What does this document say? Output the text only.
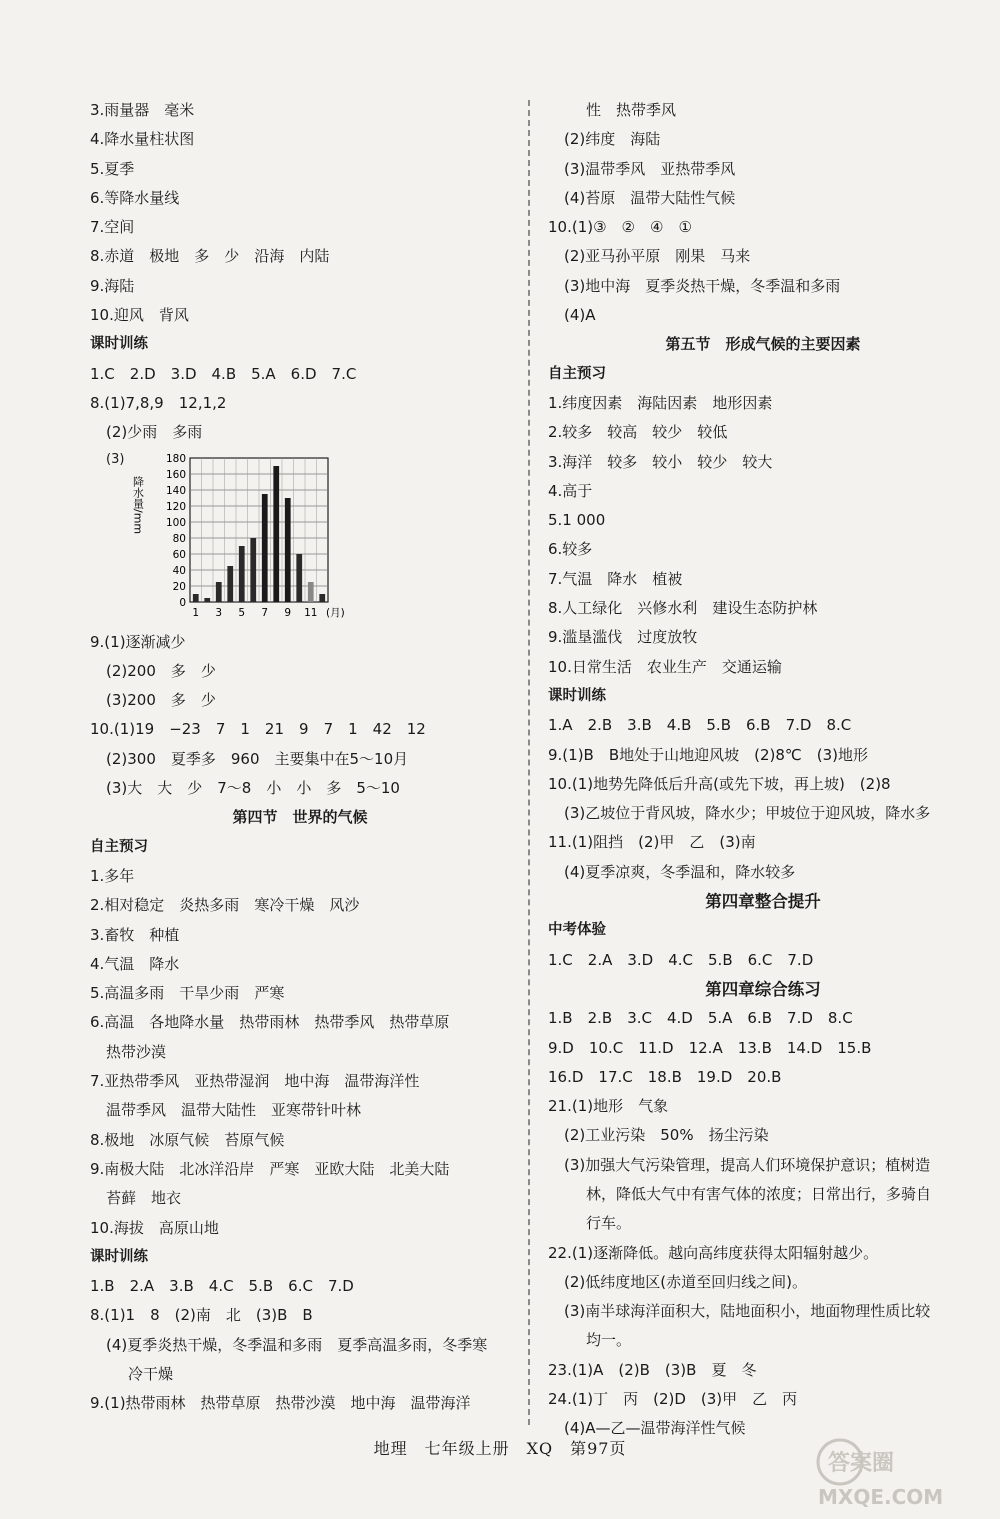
3.雨量器　毫米
4.降水量柱状图
5.夏季
6.等降水量线
7.空间
8.赤道　极地　多　少　沿海　内陆
9.海陆
10.迎风　背风
课时训练
1.C　2.D　3.D　4.B　5.A　6.D　7.C
8.(1)7,8,9　12,1,2
(2)少雨　多雨
(3)
0
20
40
60
80
100
120
140
160
180
1 3 5 7 9 11 (月)
降水量/mm
9.(1)逐渐减少
(2)200　多　少
(3)200　多　少
10.(1)19　−23　7　1　21　9　7　1　42　12
(2)300　夏季多　960　主要集中在5～10月
(3)大　大　少　7～8　小　小　多　5～10
第四节　世界的气候
自主预习
1.多年
2.相对稳定　炎热多雨　寒冷干燥　风沙
3.畜牧　种植
4.气温　降水
5.高温多雨　干旱少雨　严寒
6.高温　各地降水量　热带雨林　热带季风　热带草原
热带沙漠
7.亚热带季风　亚热带湿润　地中海　温带海洋性
温带季风　温带大陆性　亚寒带针叶林
8.极地　冰原气候　苔原气候
9.南极大陆　北冰洋沿岸　严寒　亚欧大陆　北美大陆
苔藓　地衣
10.海拔　高原山地
课时训练
1.B　2.A　3.B　4.C　5.B　6.C　7.D
8.(1)1　8　(2)南　北　(3)B　B
(4)夏季炎热干燥，冬季温和多雨　夏季高温多雨，冬季寒
冷干燥
9.(1)热带雨林　热带草原　热带沙漠　地中海　温带海洋
性　热带季风
(2)纬度　海陆
(3)温带季风　亚热带季风
(4)苔原　温带大陆性气候
10.(1)③　②　④　①
(2)亚马孙平原　刚果　马来
(3)地中海　夏季炎热干燥，冬季温和多雨
(4)A
第五节　形成气候的主要因素
自主预习
1.纬度因素　海陆因素　地形因素
2.较多　较高　较少　较低
3.海洋　较多　较小　较少　较大
4.高于
5.1 000
6.较多
7.气温　降水　植被
8.人工绿化　兴修水利　建设生态防护林
9.滥垦滥伐　过度放牧
10.日常生活　农业生产　交通运输
课时训练
1.A　2.B　3.B　4.B　5.B　6.B　7.D　8.C
9.(1)B　B地处于山地迎风坡　(2)8℃　(3)地形
10.(1)地势先降低后升高(或先下坡，再上坡)　(2)8
(3)乙坡位于背风坡，降水少；甲坡位于迎风坡，降水多
11.(1)阻挡　(2)甲　乙　(3)南
(4)夏季凉爽，冬季温和，降水较多
第四章整合提升
中考体验
1.C　2.A　3.D　4.C　5.B　6.C　7.D
第四章综合练习
1.B　2.B　3.C　4.D　5.A　6.B　7.D　8.C
9.D　10.C　11.D　12.A　13.B　14.D　15.B
16.D　17.C　18.B　19.D　20.B
21.(1)地形　气象
(2)工业污染　50%　扬尘污染
(3)加强大气污染管理，提高人们环境保护意识；植树造
林，降低大气中有害气体的浓度；日常出行，多骑自
行车。
22.(1)逐渐降低。越向高纬度获得太阳辐射越少。
(2)低纬度地区(赤道至回归线之间)。
(3)南半球海洋面积大，陆地面积小，地面物理性质比较
均一。
23.(1)A　(2)B　(3)B　夏　冬
24.(1)丁　丙　(2)D　(3)甲　乙　丙
(4)A—乙—温带海洋性气候
地理　七年级上册　XQ　第97页
答案圈
MXQE.COM
